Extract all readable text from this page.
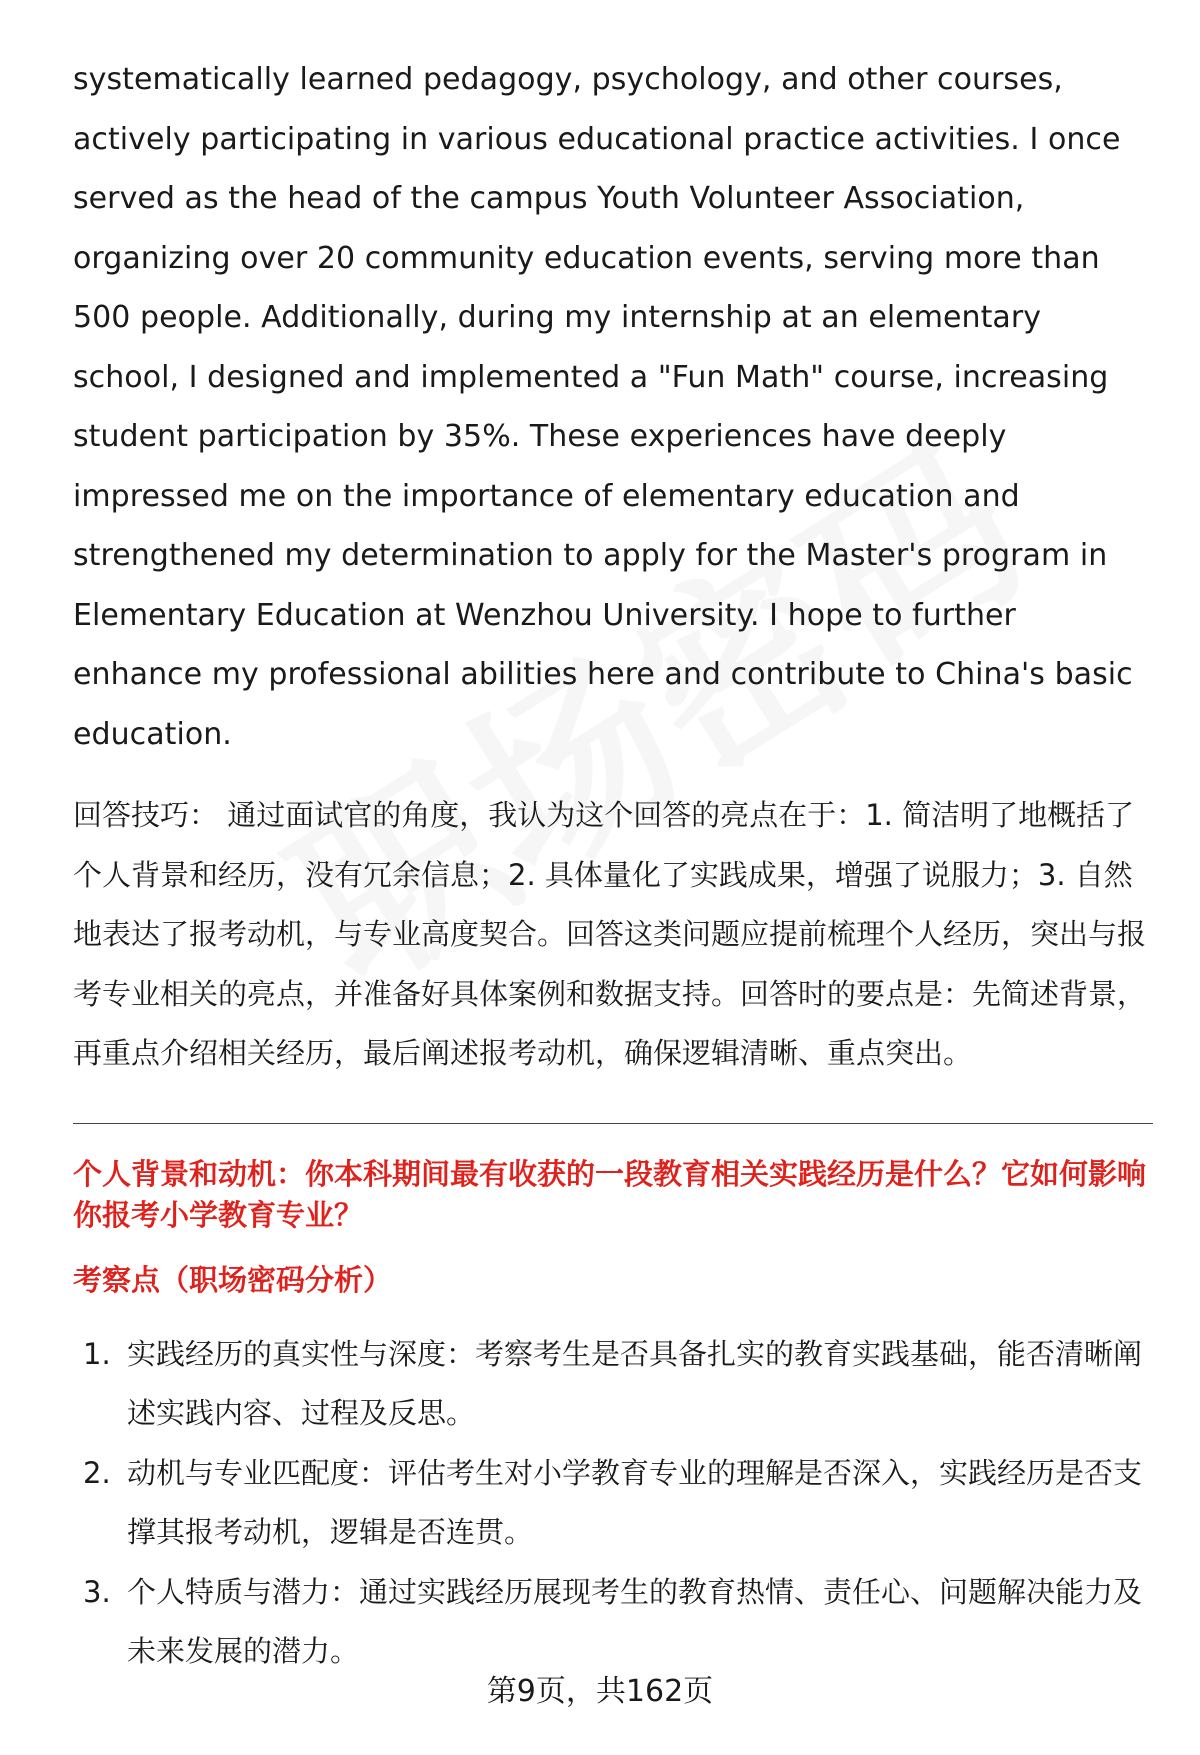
systematically learned pedagogy, psychology, and other courses, actively participating in various educational practice activities. I once served as the head of the campus Youth Volunteer Association, organizing over 20 community education events, serving more than 500 people. Additionally, during my internship at an elementary school, I designed and implemented a "Fun Math" course, increasing student participation by 35%. These experiences have deeply impressed me on the importance of elementary education and strengthened my determination to apply for the Master's program in Elementary Education at Wenzhou University. I hope to further enhance my professional abilities here and contribute to China's basic education.

回答技巧： 通过面试官的角度，我认为这个回答的亮点在于：1. 简洁明了地概括了个人背景和经历，没有冗余信息；2. 具体量化了实践成果，增强了说服力；3. 自然地表达了报考动机，与专业高度契合。回答这类问题应提前梳理个人经历，突出与报考专业相关的亮点，并准备好具体案例和数据支持。回答时的要点是：先简述背景，再重点介绍相关经历，最后阐述报考动机，确保逻辑清晰、重点突出。

个人背景和动机：你本科期间最有收获的一段教育相关实践经历是什么？它如何影响你报考小学教育专业？

考察点（职场密码分析）

1. 实践经历的真实性与深度：考察考生是否具备扎实的教育实践基础，能否清晰阐述实践内容、过程及反思。
2. 动机与专业匹配度：评估考生对小学教育专业的理解是否深入，实践经历是否支撑其报考动机，逻辑是否连贯。
3. 个人特质与潜力：通过实践经历展现考生的教育热情、责任心、问题解决能力及未来发展的潜力。
第9页，共162页
